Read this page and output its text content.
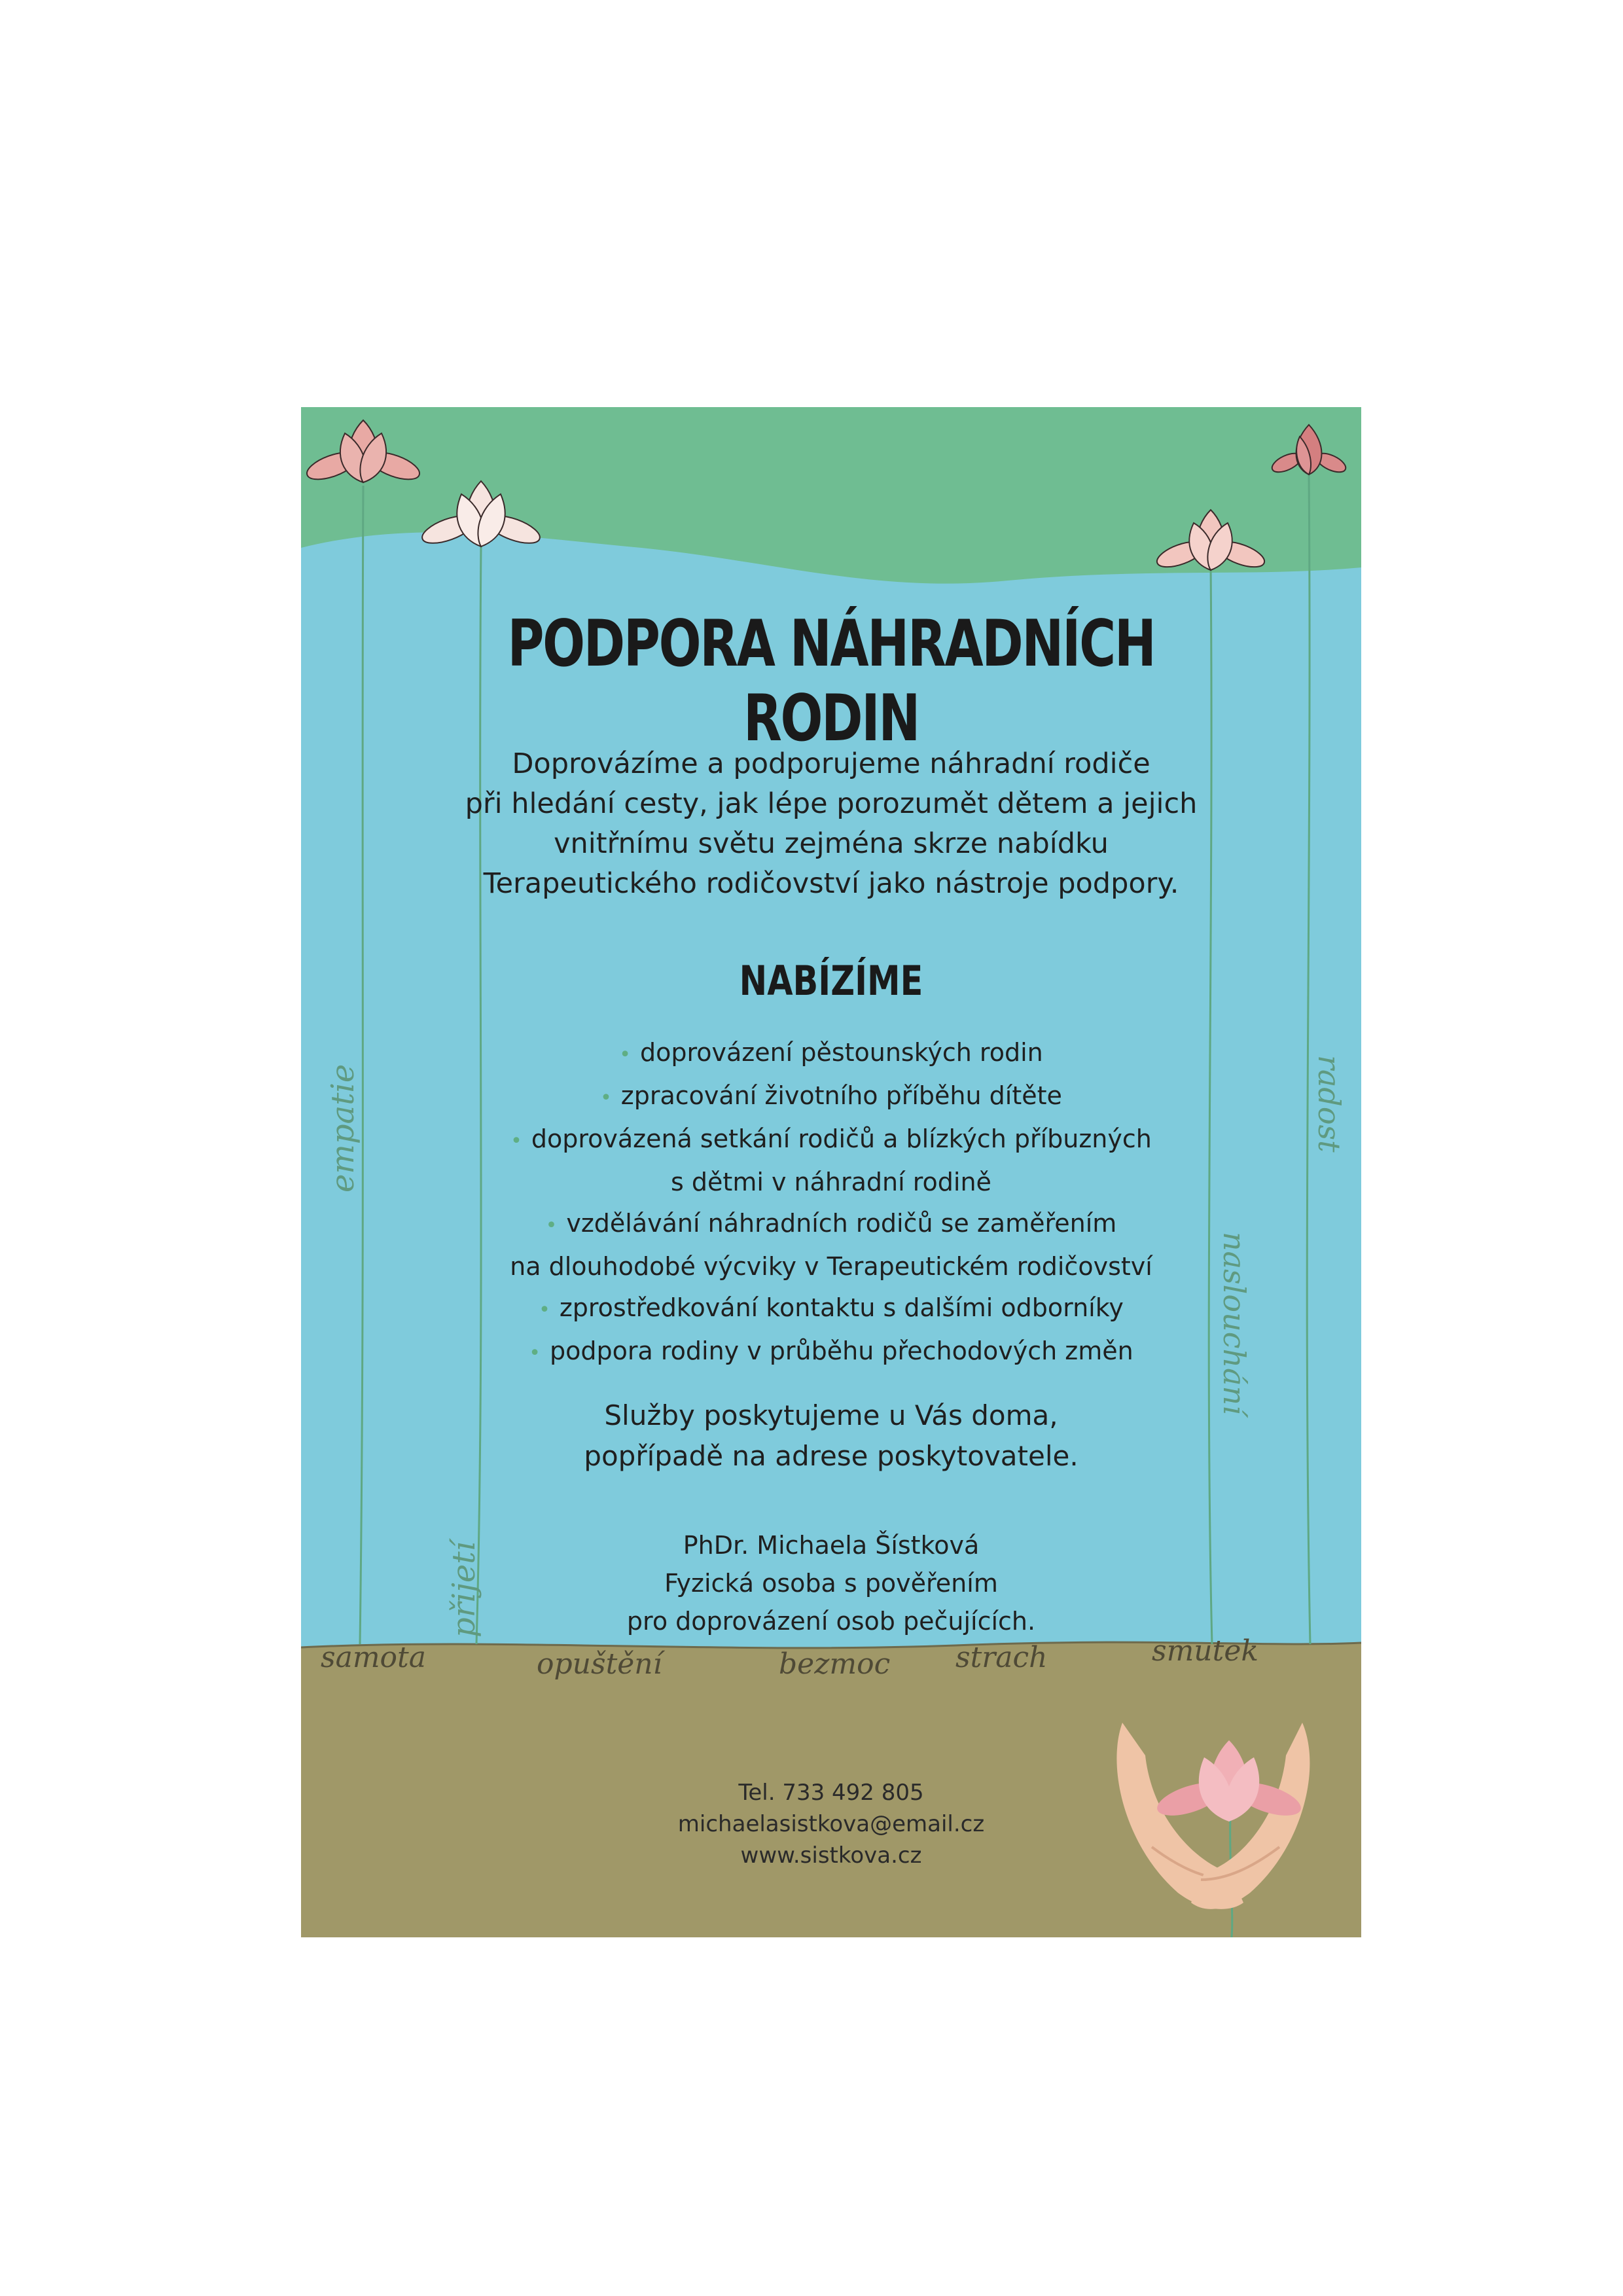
empatie
přijetí
naslouchání
radost
samota	opuštění	bezmoc strach	smutek
PODPORA NÁHRADNÍCH RODIN
Doprovázíme a podporujeme náhradní rodiče
při hledání cesty, jak lépe porozumět dětem a jejich
vnitřnímu světu zejména skrze nabídku
Terapeutického rodičovství jako nástroje podpory.
NABÍZÍME
• doprovázení pěstounských rodin
• zpracování životního příběhu dítěte
• doprovázená setkání rodičů a blízkých příbuzných
s dětmi v náhradní rodině
• vzdělávání náhradních rodičů se zaměřením
na dlouhodobé výcviky v Terapeutickém rodičovství
• zprostředkování kontaktu s dalšími odborníky
• podpora rodiny v průběhu přechodových změn
Služby poskytujeme u Vás doma,
popřípadě na adrese poskytovatele.
PhDr. Michaela Šístková
Fyzická osoba s pověřením
pro doprovázení osob pečujících.
Tel. 733 492 805
michaelasistkova@email.cz
www.sistkova.cz
